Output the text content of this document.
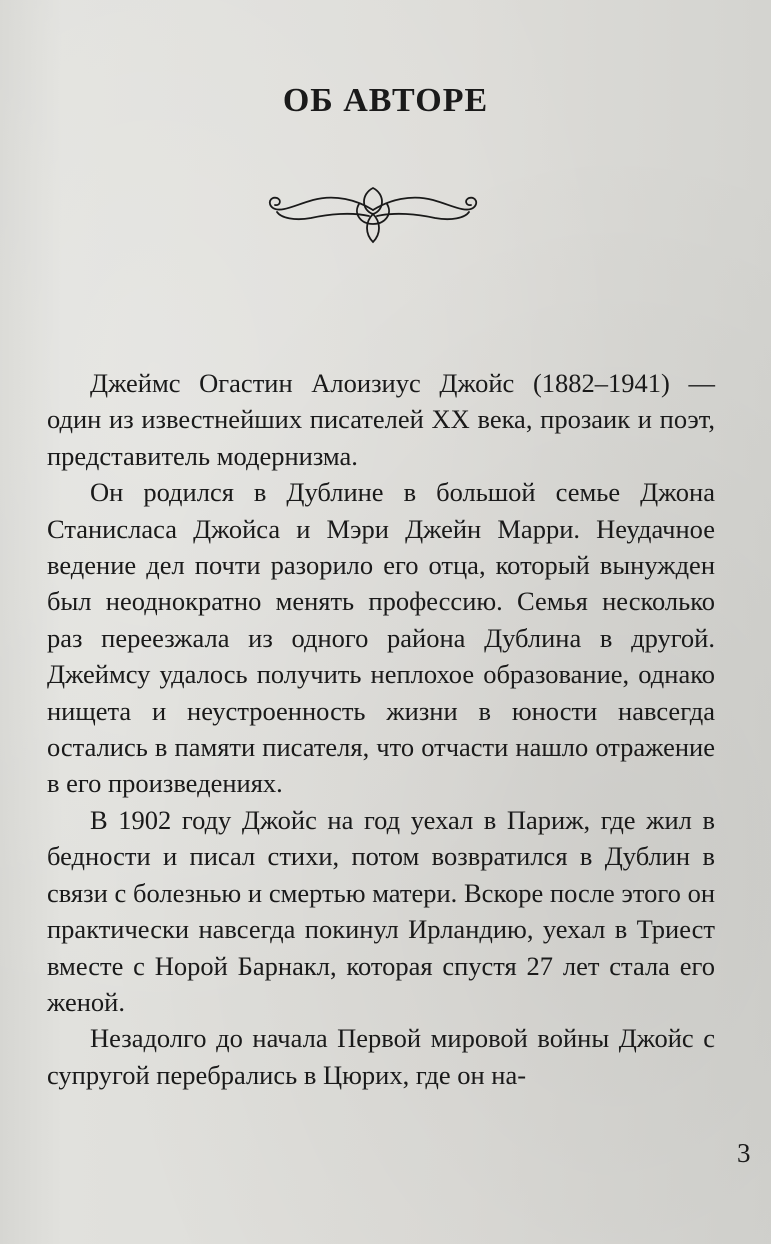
ОБ АВТОРЕ

Джеймс Огастин Алоизиус Джойс (1882–1941) — один из известнейших писателей XX века, прозаик и поэт, представитель модернизма.

Он родился в Дублине в большой семье Джона Станисласа Джойса и Мэри Джейн Марри. Неудачное ведение дел почти разорило его отца, который вынужден был неоднократно менять профессию. Семья несколько раз переезжала из одного района Дублина в другой. Джеймсу удалось получить неплохое образование, однако нищета и неустроенность жизни в юности навсегда остались в памяти писателя, что отчасти нашло отражение в его произведениях.

В 1902 году Джойс на год уехал в Париж, где жил в бедности и писал стихи, потом возвратился в Дублин в связи с болезнью и смертью матери. Вскоре после этого он практически навсегда покинул Ирландию, уехал в Триест вместе с Норой Барнакл, которая спустя 27 лет стала его женой.

Незадолго до начала Первой мировой войны Джойс с супругой перебрались в Цюрих, где он на-

3
